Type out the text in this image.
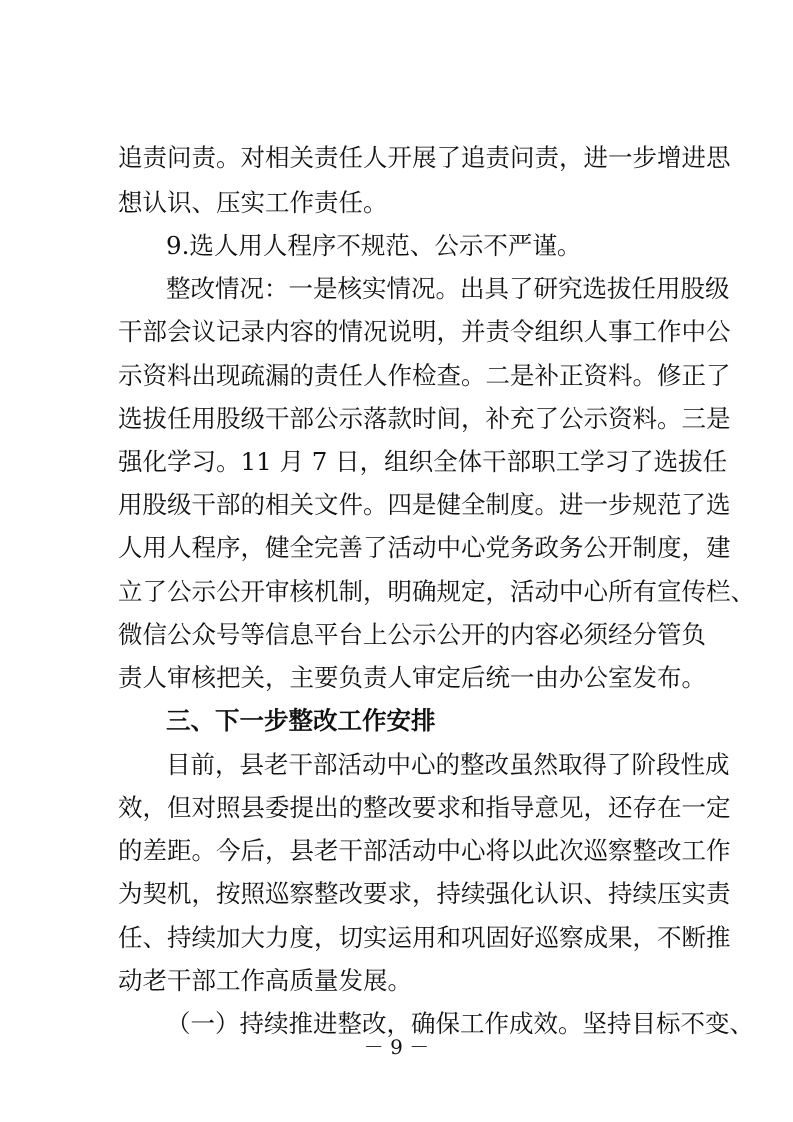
追责问责。对相关责任人开展了追责问责，进一步增进思
想认识、压实工作责任。
9.选人用人程序不规范、公示不严谨。
整改情况：一是核实情况。出具了研究选拔任用股级
干部会议记录内容的情况说明，并责令组织人事工作中公
示资料出现疏漏的责任人作检查。二是补正资料。修正了
选拔任用股级干部公示落款时间，补充了公示资料。三是
强化学习。11 月 7 日，组织全体干部职工学习了选拔任
用股级干部的相关文件。四是健全制度。进一步规范了选
人用人程序，健全完善了活动中心党务政务公开制度，建
立了公示公开审核机制，明确规定，活动中心所有宣传栏、
微信公众号等信息平台上公示公开的内容必须经分管负
责人审核把关，主要负责人审定后统一由办公室发布。
三、下一步整改工作安排
目前，县老干部活动中心的整改虽然取得了阶段性成
效，但对照县委提出的整改要求和指导意见，还存在一定
的差距。今后，县老干部活动中心将以此次巡察整改工作
为契机，按照巡察整改要求，持续强化认识、持续压实责
任、持续加大力度，切实运用和巩固好巡察成果，不断推
动老干部工作高质量发展。
（一）持续推进整改，确保工作成效。坚持目标不变、
－ 9 －
